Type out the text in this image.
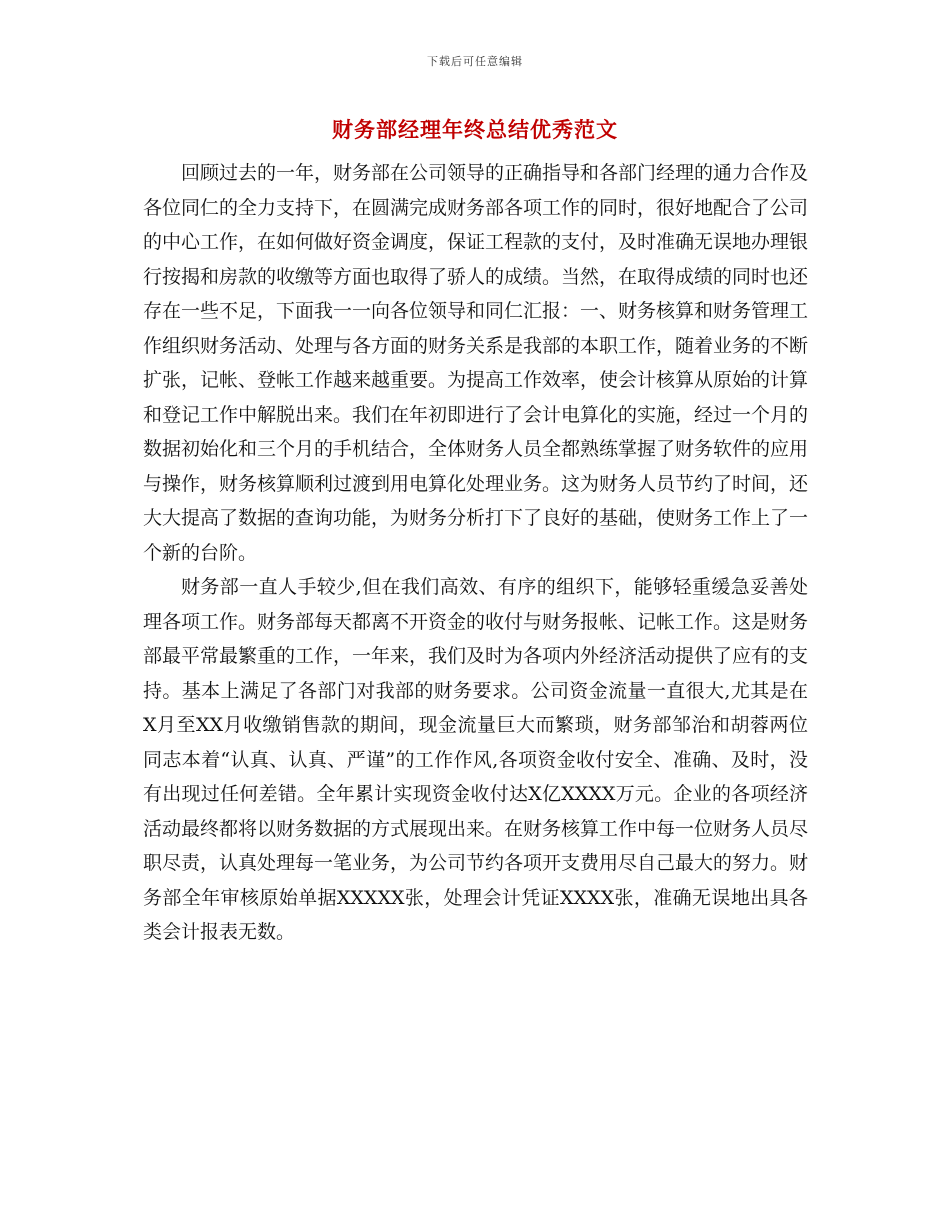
下载后可任意编辑
财务部经理年终总结优秀范文

回顾过去的一年，财务部在公司领导的正确指导和各部门经理的通力合作及各位同仁的全力支持下，在圆满完成财务部各项工作的同时，很好地配合了公司的中心工作，在如何做好资金调度，保证工程款的支付，及时准确无误地办理银行按揭和房款的收缴等方面也取得了骄人的成绩。当然，在取得成绩的同时也还存在一些不足，下面我一一向各位领导和同仁汇报：一、财务核算和财务管理工作组织财务活动、处理与各方面的财务关系是我部的本职工作，随着业务的不断扩张，记帐、登帐工作越来越重要。为提高工作效率，使会计核算从原始的计算和登记工作中解脱出来。我们在年初即进行了会计电算化的实施，经过一个月的数据初始化和三个月的手机结合，全体财务人员全都熟练掌握了财务软件的应用与操作，财务核算顺利过渡到用电算化处理业务。这为财务人员节约了时间，还大大提高了数据的查询功能，为财务分析打下了良好的基础，使财务工作上了一个新的台阶。

财务部一直人手较少,但在我们高效、有序的组织下，能够轻重缓急妥善处理各项工作。财务部每天都离不开资金的收付与财务报帐、记帐工作。这是财务部最平常最繁重的工作，一年来，我们及时为各项内外经济活动提供了应有的支持。基本上满足了各部门对我部的财务要求。公司资金流量一直很大,尤其是在X月至XX月收缴销售款的期间，现金流量巨大而繁琐，财务部邹治和胡蓉两位同志本着“认真、认真、严谨”的工作作风,各项资金收付安全、准确、及时，没有出现过任何差错。全年累计实现资金收付达X亿XXXX万元。企业的各项经济活动最终都将以财务数据的方式展现出来。在财务核算工作中每一位财务人员尽职尽责，认真处理每一笔业务，为公司节约各项开支费用尽自己最大的努力。财务部全年审核原始单据XXXXX张，处理会计凭证XXXX张，准确无误地出具各类会计报表无数。
